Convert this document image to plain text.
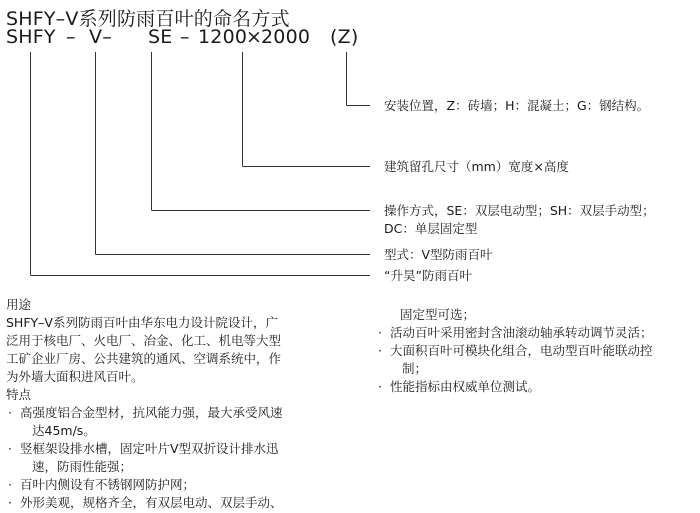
SHFY–V系列防雨百叶的命名方式
SHFY – V– SE – 1200
×
2000 (Z)
安装位置，Z：砖墙；H：混凝土；G：钢结构。
建筑留孔尺寸（mm）宽度×高度
操作方式，SE：双层电动型；SH：双层手动型；
DC：单层固定型
型式：V型防雨百叶
“升昊”防雨百叶
用途
SHFY–V系列防雨百叶由华东电力设计院设计，广
泛用于核电厂、火电厂、冶金、化工、机电等大型
工矿企业厂房、公共建筑的通风、空调系统中，作
为外墙大面积进风百叶。
特点
· 高强度铝合金型材，抗风能力强，最大承受风速
达45m/s。
· 竖框架设排水槽，固定叶片V型双折设计排水迅
速，防雨性能强；
· 百叶内侧设有不锈钢网防护网；
· 外形美观，规格齐全，有双层电动、双层手动、
固定型可选；
· 活动百叶采用密封含油滚动轴承转动调节灵活；
· 大面积百叶可模块化组合，电动型百叶能联动控
制；
· 性能指标由权威单位测试。
